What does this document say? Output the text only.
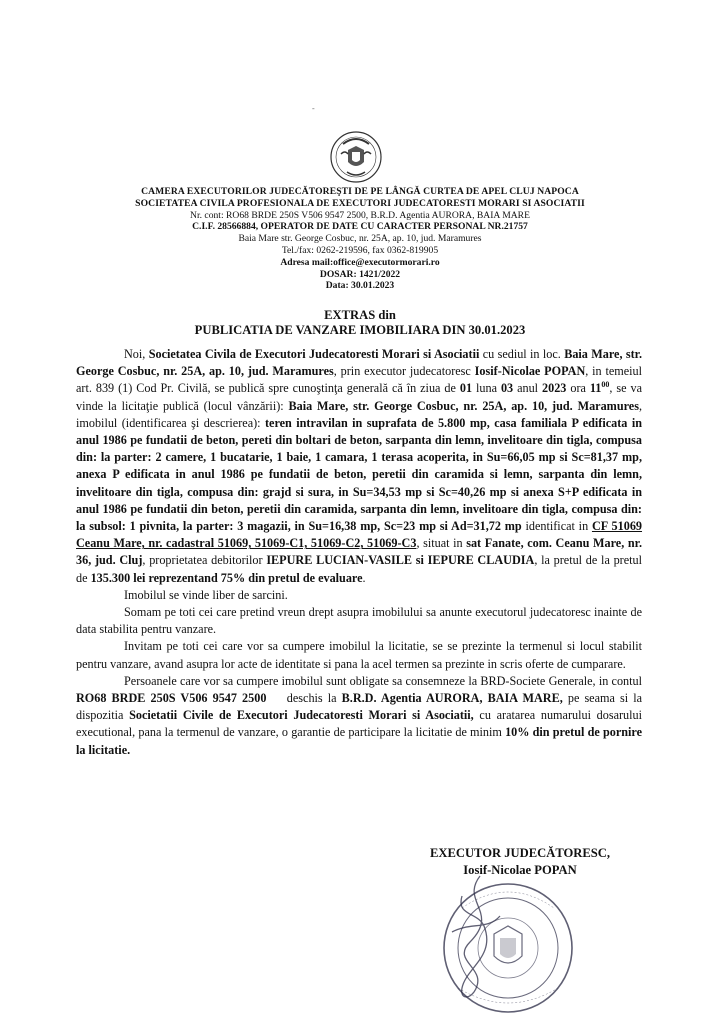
-
CAMERA EXECUTORILOR JUDECĂTOREŞTI DE PE LÂNGĂ CURTEA DE APEL CLUJ NAPOCA
SOCIETATEA CIVILA PROFESIONALA DE EXECUTORI JUDECATORESTI MORARI SI ASOCIATII
Nr. cont: RO68 BRDE 250S V506 9547 2500, B.R.D. Agentia AURORA, BAIA MARE
C.I.F. 28566884, OPERATOR DE DATE CU CARACTER PERSONAL NR.21757
Baia Mare str. George Cosbuc, nr. 25A, ap. 10, jud. Maramures
Tel./fax: 0262-219596, fax 0362-819905
Adresa mail:office@executormorari.ro
DOSAR: 1421/2022
Data: 30.01.2023
EXTRAS din
PUBLICATIA DE VANZARE IMOBILIARA DIN 30.01.2023

Noi, Societatea Civila de Executori Judecatoresti Morari si Asociatii cu sediul in loc. Baia Mare, str. George Cosbuc, nr. 25A, ap. 10, jud. Maramures, prin executor judecatoresc Iosif-Nicolae POPAN, in temeiul art. 839 (1) Cod Pr. Civilă, se publică spre cunoştinţa generală că în ziua de 01 luna 03 anul 2023 ora $11^{00}$, se va vinde la licitaţie publică (locul vânzării): Baia Mare, str. George Cosbuc, nr. 25A, ap. 10, jud. Maramures, imobilul (identificarea şi descrierea): teren intravilan in suprafata de 5.800 mp, casa familiala P edificata in anul 1986 pe fundatii de beton, pereti din boltari de beton, sarpanta din lemn, invelitoare din tigla, compusa din: la parter: 2 camere, 1 bucatarie, 1 baie, 1 camara, 1 terasa acoperita, in Su=66,05 mp si Sc=81,37 mp, anexa P edificata in anul 1986 pe fundatii de beton, peretii din caramida si lemn, sarpanta din lemn, invelitoare din tigla, compusa din: grajd si sura, in Su=34,53 mp si Sc=40,26 mp si anexa S+P edificata in anul 1986 pe fundatii din beton, peretii din caramida, sarpanta din lemn, invelitoare din tigla, compusa din: la subsol: 1 pivnita, la parter: 3 magazii, in Su=16,38 mp, Sc=23 mp si Ad=31,72 mp identificat in CF 51069 Ceanu Mare, nr. cadastral 51069, 51069-C1, 51069-C2, 51069-C3, situat in sat Fanate, com. Ceanu Mare, nr. 36, jud. Cluj, proprietatea debitorilor IEPURE LUCIAN-VASILE si IEPURE CLAUDIA, la pretul de la pretul de 135.300 lei reprezentand 75% din pretul de evaluare.

Imobilul se vinde liber de sarcini.

Somam pe toti cei care pretind vreun drept asupra imobilului sa anunte executorul judecatoresc inainte de data stabilita pentru vanzare.

Invitam pe toti cei care vor sa cumpere imobilul la licitatie, se se prezinte la termenul si locul stabilit pentru vanzare, avand asupra lor acte de identitate si pana la acel termen sa prezinte in scris oferte de cumparare.

Persoanele care vor sa cumpere imobilul sunt obligate sa consemneze la BRD-Societe Generale, in contul RO68 BRDE 250S V506 9547 2500    deschis la B.R.D. Agentia AURORA, BAIA MARE, pe seama si la dispozitia Societatii Civile de Executori Judecatoresti Morari si Asociatii, cu aratarea numarului dosarului executional, pana la termenul de vanzare, o garantie de participare la licitatie de minim 10% din pretul de pornire la licitatie.

EXECUTOR JUDECĂTORESC,
Iosif-Nicolae POPAN
